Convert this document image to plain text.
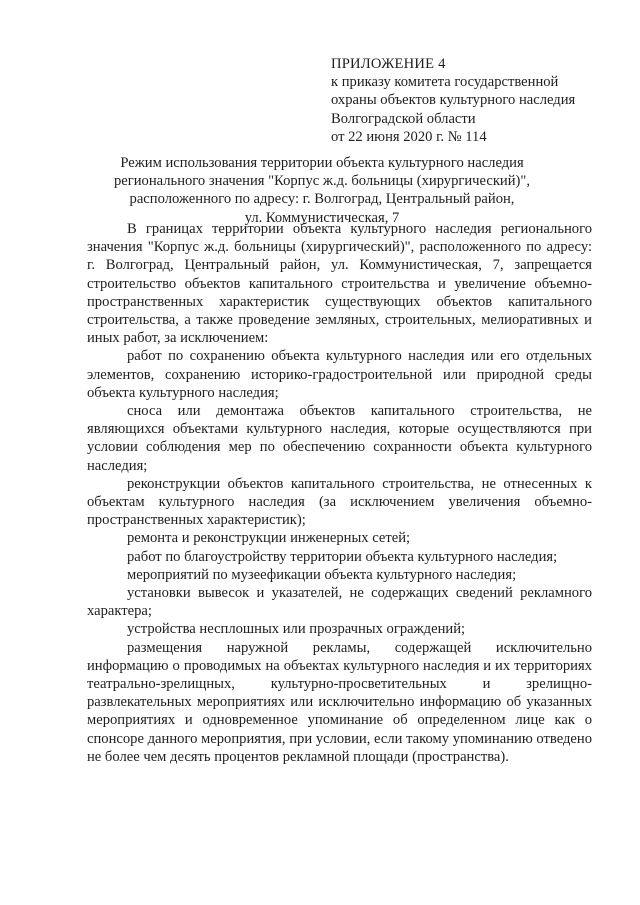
ПРИЛОЖЕНИЕ 4
к приказу комитета государственной
охраны объектов культурного наследия
Волгоградской области
от 22 июня 2020 г. № 114
Режим использования территории объекта культурного наследия
регионального значения "Корпус ж.д. больницы (хирургический)",
расположенного по адресу: г. Волгоград, Центральный район,
ул. Коммунистическая, 7

В границах территории объекта культурного наследия регионального значения "Корпус ж.д. больницы (хирургический)", расположенного по адресу: г. Волгоград, Центральный район, ул. Коммунистическая, 7, запрещается строительство объектов капитального строительства и увеличение объемно-пространственных характеристик существующих объектов капитального строительства, а также проведение земляных, строительных, мелиоративных и иных работ, за исключением:

работ по сохранению объекта культурного наследия или его отдельных элементов, сохранению историко-градостроительной или природной среды объекта культурного наследия;

сноса или демонтажа объектов капитального строительства, не являющихся объектами культурного наследия, которые осуществляются при условии соблюдения мер по обеспечению сохранности объекта культурного наследия;

реконструкции объектов капитального строительства, не отнесенных к объектам культурного наследия (за исключением увеличения объемно-пространственных характеристик);

ремонта и реконструкции инженерных сетей;

работ по благоустройству территории объекта культурного наследия;

мероприятий по музеефикации объекта культурного наследия;

установки вывесок и указателей, не содержащих сведений рекламного характера;

устройства несплошных или прозрачных ограждений;

размещения наружной рекламы, содержащей исключительно информацию о проводимых на объектах культурного наследия и их территориях театрально-зрелищных, культурно-просветительных и зрелищно-развлекательных мероприятиях или исключительно информацию об указанных мероприятиях и одновременное упоминание об определенном лице как о спонсоре данного мероприятия, при условии, если такому упоминанию отведено не более чем десять процентов рекламной площади (пространства).
